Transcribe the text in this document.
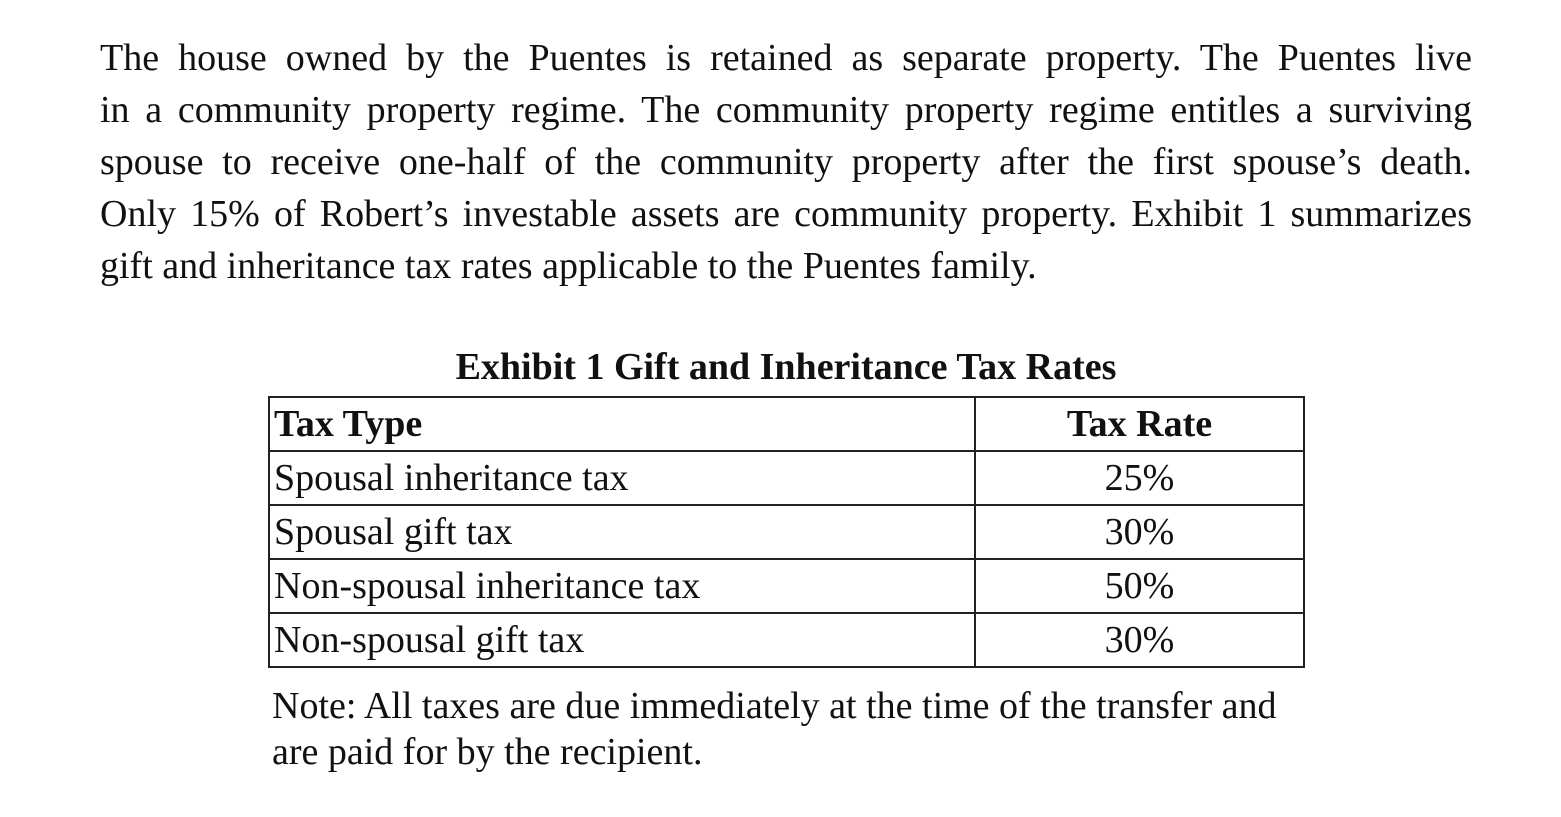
The house owned by the Puentes is retained as separate property. The Puentes live
in a community property regime. The community property regime entitles a surviving
spouse to receive one-half of the community property after the first spouse’s death.
Only 15% of Robert’s investable assets are community property. Exhibit 1 summarizes
gift and inheritance tax rates applicable to the Puentes family.
Exhibit 1 Gift and Inheritance Tax Rates
Tax Type	Tax Rate
Spousal inheritance tax	25%
Spousal gift tax	30%
Non-spousal inheritance tax	50%
Non-spousal gift tax	30%
Note: All taxes are due immediately at the time of the transfer and
are paid for by the recipient.
